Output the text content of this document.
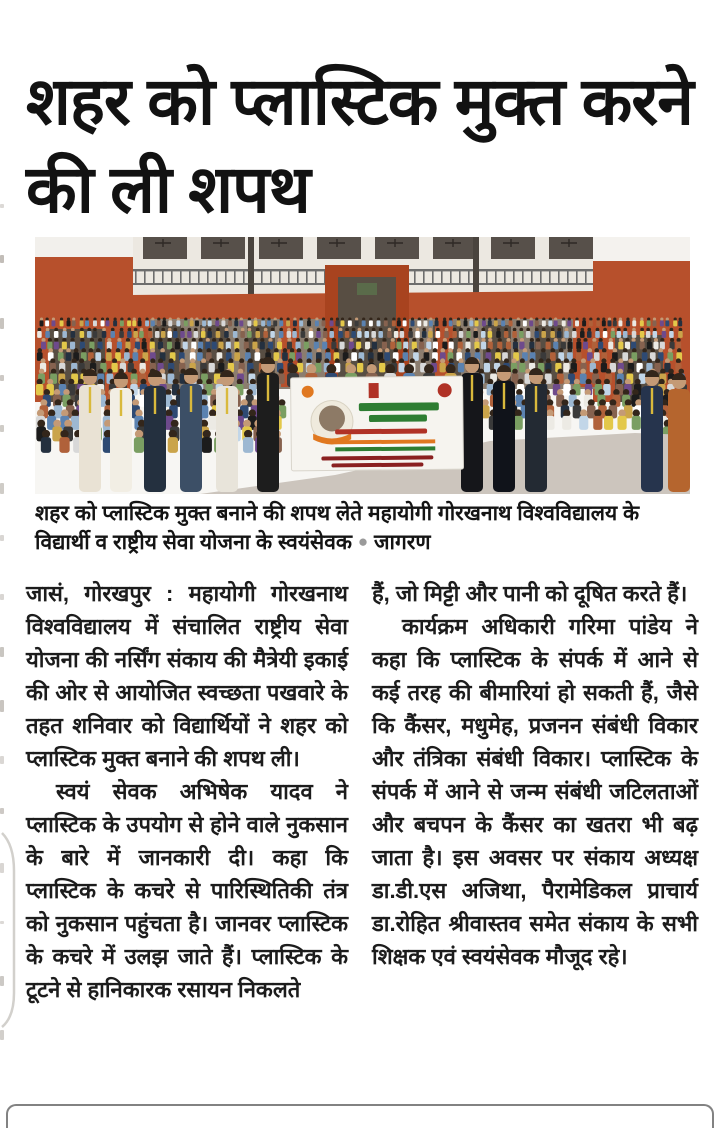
शहर को प्लास्टिक मुक्त करने की ली शपथ
शहर को प्लास्टिक मुक्त बनाने की शपथ लेते महायोगी गोरखनाथ विश्वविद्यालय के विद्यार्थी व राष्ट्रीय सेवा योजना के स्वयंसेवक ● जागरण

जासं, गोरखपुर : महायोगी गोरखनाथ विश्वविद्यालय में संचालित राष्ट्रीय सेवा योजना की नर्सिंग संकाय की मैत्रेयी इकाई की ओर से आयोजित स्वच्छता पखवारे के तहत शनिवार को विद्यार्थियों ने शहर को प्लास्टिक मुक्त बनाने की शपथ ली।

स्वयं सेवक अभिषेक यादव ने प्लास्टिक के उपयोग से होने वाले नुकसान के बारे में जानकारी दी। कहा कि प्लास्टिक के कचरे से पारिस्थितिकी तंत्र को नुकसान पहुंचता है। जानवर प्लास्टिक के कचरे में उलझ जाते हैं। प्लास्टिक के टूटने से हानिकारक रसायन निकलते

हैं, जो मिट्टी और पानी को दूषित करते हैं।

कार्यक्रम अधिकारी गरिमा पांडेय ने कहा कि प्लास्टिक के संपर्क में आने से कई तरह की बीमारियां हो सकती हैं, जैसे कि कैंसर, मधुमेह, प्रजनन संबंधी विकार और तंत्रिका संबंधी विकार। प्लास्टिक के संपर्क में आने से जन्म संबंधी जटिलताओं और बचपन के कैंसर का खतरा भी बढ़ जाता है। इस अवसर पर संकाय अध्यक्ष डा.डी.एस अजिथा, पैरामेडिकल प्राचार्य डा.रोहित श्रीवास्तव समेत संकाय के सभी शिक्षक एवं स्वयंसेवक मौजूद रहे।
